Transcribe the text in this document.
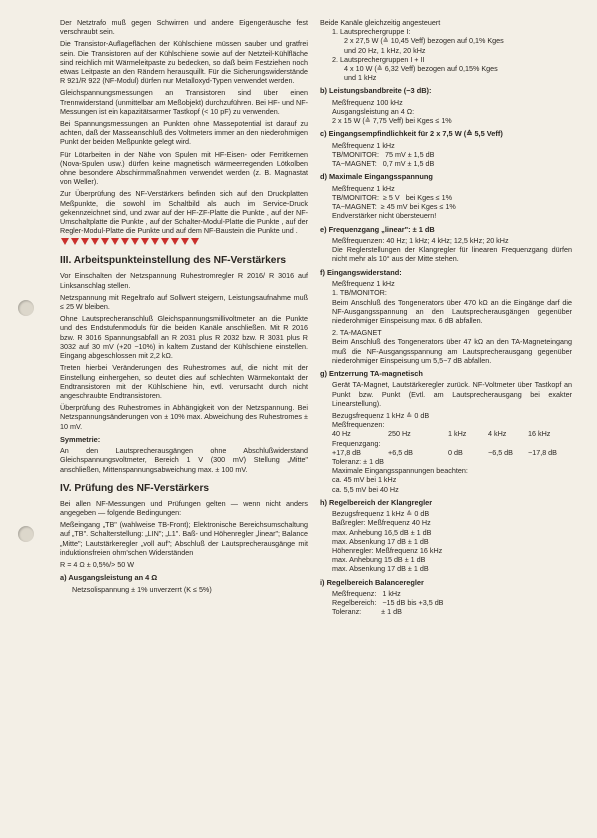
Der Netztrafo muß gegen Schwirren und andere Eigengeräusche fest verschraubt sein.

Die Transistor-Auflageflächen der Kühlschiene müssen sauber und gratfrei sein. Die Transistoren auf der Kühlschiene sowie auf der Netzteil-Kühlfläche sind reichlich mit Wärmeleitpaste zu bedecken, so daß beim Festziehen noch etwas Leitpaste an den Rändern herausquillt. Für die Sicherungswiderstände R 921/R 922 (NF-Modul) dürfen nur Metalloxyd-Typen verwendet werden.

Gleichspannungsmessungen an Transistoren sind über einen Trennwiderstand (unmittelbar am Meßobjekt) durchzuführen. Bei HF- und NF-Messungen ist ein kapazitätsarmer Tastkopf (< 10 pF) zu verwenden.

Bei Spannungsmessungen an Punkten ohne Massepotential ist darauf zu achten, daß der Masseanschluß des Voltmeters immer an den niederohmigen Punkt der beiden Meßpunkte gelegt wird.

Für Lötarbeiten in der Nähe von Spulen mit HF-Eisen- oder Ferritkernen (Nova-Spulen usw.) dürfen keine magnetisch wärmeerregenden Lötkolben ohne besondere Abschirmmaßnahmen verwendet werden (z. B. Magnastat von Weller).

Zur Überprüfung des NF-Verstärkers befinden sich auf den Druckplatten Meßpunkte, die sowohl im Schaltbild als auch im Service-Druck gekennzeichnet sind, und zwar auf der HF-ZF-Platte die Punkte , auf der NF-Umschaltplatte die Punkte , auf der Schalter-Modul-Platte die Punkte , auf der Regler-Modul-Platte die Punkte und auf dem NF-Baustein die Punkte und .

III. Arbeitspunkteinstellung des NF-Verstärkers

Vor Einschalten der Netzspannung Ruhestromregler R 2016/ R 3016 auf Linksanschlag stellen.

Netzspannung mit Regeltrafo auf Sollwert steigern, Leistungsaufnahme muß ≤ 25 W bleiben.

Ohne Lautsprecheranschluß Gleichspannungsmillivoltmeter an die Punkte und des Endstufenmoduls für die beiden Kanäle anschließen. Mit R 2016 bzw. R 3016 Spannungsabfall an R 2031 plus R 2032 bzw. R 3031 plus R 3032 auf 30 mV (+20 −10%) in kaltem Zustand der Kühlschiene einstellen. Eingang abgeschlossen mit 2,2 kΩ.

Treten hierbei Veränderungen des Ruhestromes auf, die nicht mit der Einstellung einhergehen, so deutet dies auf schlechten Wärmekontakt der Endtransistoren mit der Kühlschiene hin, evtl. verursacht durch nicht angeschraubte Endtransistoren.

Überprüfung des Ruhestromes in Abhängigkeit von der Netzspannung. Bei Netzspannungsänderungen von ± 10% max. Abweichung des Ruhestromes ± 10 mV.

Symmetrie:

An den Lautsprecherausgängen ohne Abschlußwiderstand Gleichspannungsvoltmeter, Bereich 1 V (300 mV) Stellung „Mitte" anschließen, Mittenspannungsabweichung max. ± 100 mV.

IV. Prüfung des NF-Verstärkers

Bei allen NF-Messungen und Prüfungen gelten — wenn nicht anders angegeben — folgende Bedingungen:

Meßeingang „TB" (wahlweise TB-Front); Elektronische Bereichsumschaltung auf „TB". Schalterstellung: „LIN"; „L1". Baß- und Höhenregler „linear"; Balance „Mitte"; Lautstärkeregler „voll auf"; Abschluß der Lautsprecherausgänge mit induktionsfreien ohm'schen Widerständen

R = 4 Ω ± 0,5%/> 50 W

a) Ausgangsleistung an 4 Ω
Netzsolispannung ± 1% unverzerrt (K ≤ 5%)
Beide Kanäle gleichzeitig angesteuert
1. Lautsprechergruppe I:
2 x 27,5 W (≙ 10,45 Veff) bezogen auf 0,1% Kges
und 20 Hz, 1 kHz, 20 kHz
2. Lautsprechergruppen I + II
4 x 10 W (≙ 6,32 Veff) bezogen auf 0,15% Kges
und 1 kHz
b) Leistungsbandbreite (−3 dB):
Meßfrequenz 100 kHz
Ausgangsleistung an 4 Ω:
2 x 15 W (≙ 7,75 Veff) bei Kges ≤ 1%
c) Eingangsempfindlichkeit für 2 x 7,5 W (≙ 5,5 Veff)
Meßfrequenz 1 kHz
TB/MONITOR:   75 mV ± 1,5 dB
TA−MAGNET:   0,7 mV ± 1,5 dB
d) Maximale Eingangsspannung
Meßfrequenz 1 kHz
TB/MONITOR:  ≥ 5 V   bei Kges ≤ 1%
TA−MAGNET:  ≥ 45 mV bei Kges ≤ 1%
Endverstärker nicht übersteuern!
e) Frequenzgang „linear": ± 1 dB
Meßfrequenzen: 40 Hz; 1 kHz; 4 kHz; 12,5 kHz; 20 kHz

Die Reglerstellungen der Klangregler für linearen Frequenzgang dürfen nicht mehr als 10° aus der Mitte stehen.

f) Eingangswiderstand:
Meßfrequenz 1 kHz
1. TB/MONITOR:

Beim Anschluß des Tongenerators über 470 kΩ an die Eingänge darf die NF-Ausgangsspannung an den Lautsprecherausgängen gegenüber niederohmiger Einspeisung max. 6 dB abfallen.

2. TA-MAGNET

Beim Anschluß des Tongenerators über 47 kΩ an den TA-Magneteingang muß die NF-Ausgangsspannung am Lautsprecherausgang gegenüber niederohmiger Einspeisung um 5,5−7 dB abfallen.

g) Entzerrung TA-magnetisch

Gerät TA-Magnet, Lautstärkeregler zurück. NF-Voltmeter über Tastkopf an Punkt bzw. Punkt (Evtl. am Lautsprecherausgang bei exakter Linearstellung).

Bezugsfrequenz 1 kHz ≙ 0 dB
Meßfrequenzen:
40 Hz	250 Hz	1 kHz	4 kHz	16 kHz
Frequenzgang:
+17,8 dB	+6,5 dB	0 dB	−6,5 dB	−17,8 dB
Toleranz: ± 1 dB
Maximale Eingangsspannungen beachten:
ca. 45 mV bei 1 kHz
ca. 5,5 mV bei 40 Hz
h) Regelbereich der Klangregler
Bezugsfrequenz 1 kHz ≙ 0 dB
Baßregler: Meßfrequenz 40 Hz
max. Anhebung 16,5 dB ± 1 dB
max. Absenkung 17 dB ± 1 dB
Höhenregler: Meßfrequenz 16 kHz
max. Anhebung 15 dB ± 1 dB
max. Absenkung 17 dB ± 1 dB
i) Regelbereich Balanceregler
Meßfrequenz:   1 kHz
Regelbereich:   −15 dB bis +3,5 dB
Toleranz:          ± 1 dB
